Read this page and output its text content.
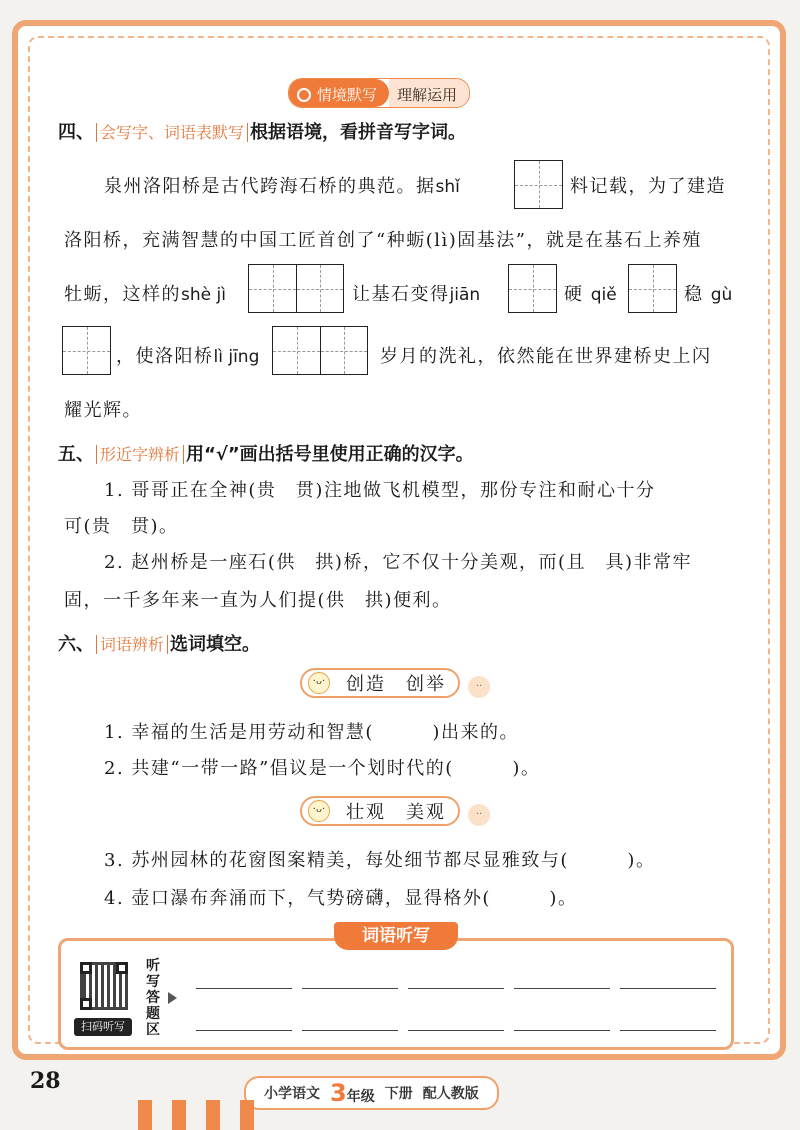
情境默写	理解运用
四、 会写字、词语表默写 根据语境，看拼音写字词。
泉州洛阳桥是古代跨海石桥的典范。据shǐ	料记载，为了建造
洛阳桥，充满智慧的中国工匠首创了“种蛎(lì)固基法”，就是在基石上养殖
牡蛎，这样的shè jì	让基石变得jiān	硬 qiě	稳 gù
，使洛阳桥lì jīng	岁月的洗礼，依然能在世界建桥史上闪
耀光辉。
五、 形近字辨析 用“√”画出括号里使用正确的汉字。
1. 哥哥正在全神(贵　贯)注地做飞机模型，那份专注和耐心十分
可(贵　贯)。
2. 赵州桥是一座石(供　拱)桥，它不仅十分美观，而(且　具)非常牢
固，一千多年来一直为人们提(供　拱)便利。
六、 词语辨析 选词填空。
·ᴗ· 创造　创举	··
1. 幸福的生活是用劳动和智慧(　　　)出来的。
2. 共建“一带一路”倡议是一个划时代的(　　　)。
·ᴗ· 壮观　美观	··
3. 苏州园林的花窗图案精美，每处细节都尽显雅致与(　　　)。
4. 壶口瀑布奔涌而下，气势磅礴，显得格外(　　　)。
词语听写
扫码听写
听写答题区
28	小学语文 3年级 下册 配人教版
